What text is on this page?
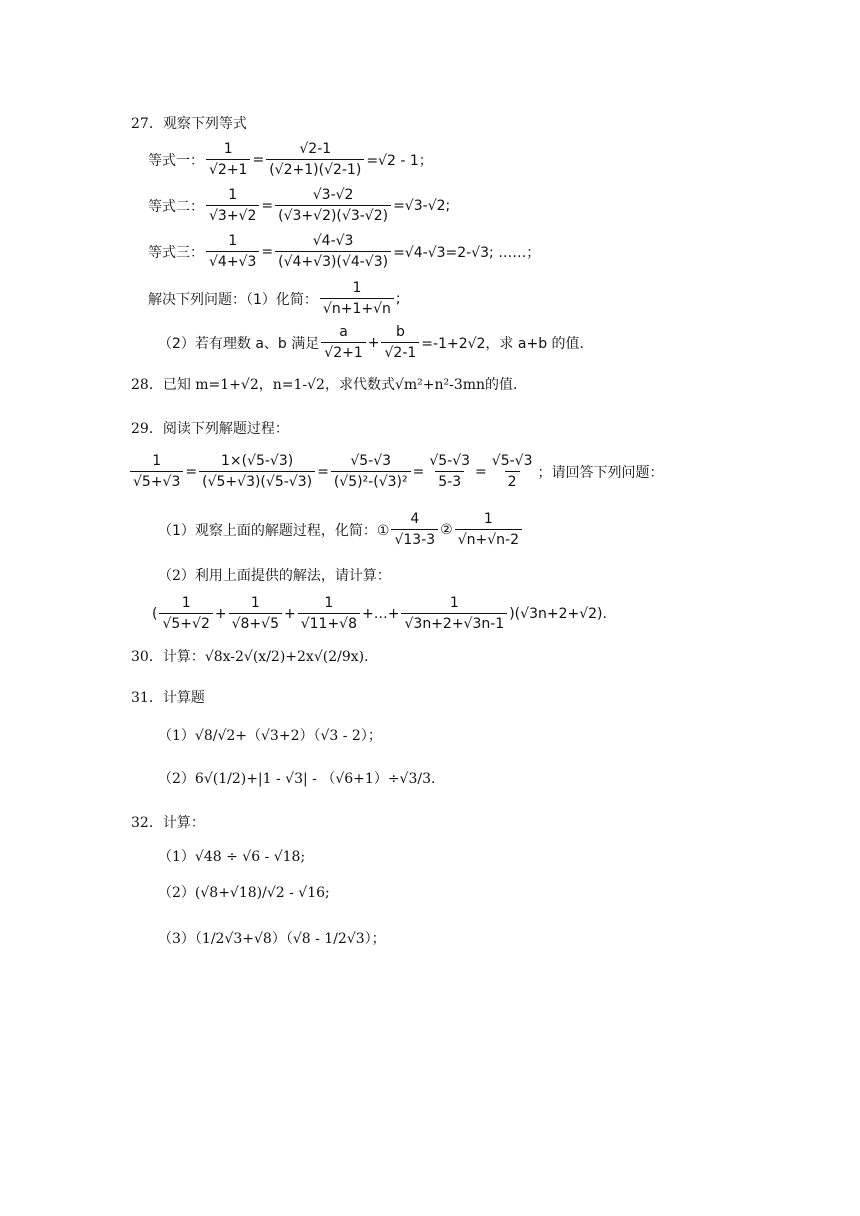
27．观察下列等式
等式一： $\frac{1}{√2+1} = \frac{√2-1}{(√2+1)(√2-1)} =√2 - 1$；
等式二： $\frac{1}{√3+√2} = \frac{√3-√2}{(√3+√2)(√3-√2)} =√3-√2$;
等式三： $\frac{1}{√4+√3} = \frac{√4-√3}{(√4+√3)(√4-√3)} =√4-√3=2-√3$; ……；
解决下列问题：（1）化简： $\frac{1}{√n+1+√n}$ ;
（2）若有理数 a、b 满足 $\frac{a}{√2+1} + \frac{b}{√2-1} =-1+2√2$，求 a+b 的值．
28．已知 m=1+√2，n=1-√2，求代数式√m²+n²-3mn的值．
29．阅读下列解题过程：
$\frac{1}{√5+√3} = \frac{1\times(√5-√3)}{(√5+√3)(√5-√3)} = \frac{√5-√3}{\text{(√5)²-(√3)²}} = \frac{√5-√3}{5-3} = \frac{√5-√3}{2}$ ；请回答下列问题：
（1）观察上面的解题过程，化简：① $\frac{4}{√13-3}$ ② $\frac{1}{√n+√n-2}$
（2）利用上面提供的解法，请计算：
( $\frac{1}{√5+√2} + \frac{1}{√8+√5} + \frac{1}{√11+√8}$ +…+ $\frac{1}{√3n+2+√3n-1} )(√3n+2+√2)$.
30．计算：√8x-2√(x/2)+2x√(2/9x)．
31．计算题
（1）√8/√2+（√3+2）（√3 - 2）；
（2）6√(1/2)+|1 - √3| - （√6+1）÷√3/3．
32．计算：
（1）√48 ÷ √6 - √18;
（2）(√8+√18)/√2 - √16;
（3）（1/2√3+√8）（√8 - 1/2√3）；
